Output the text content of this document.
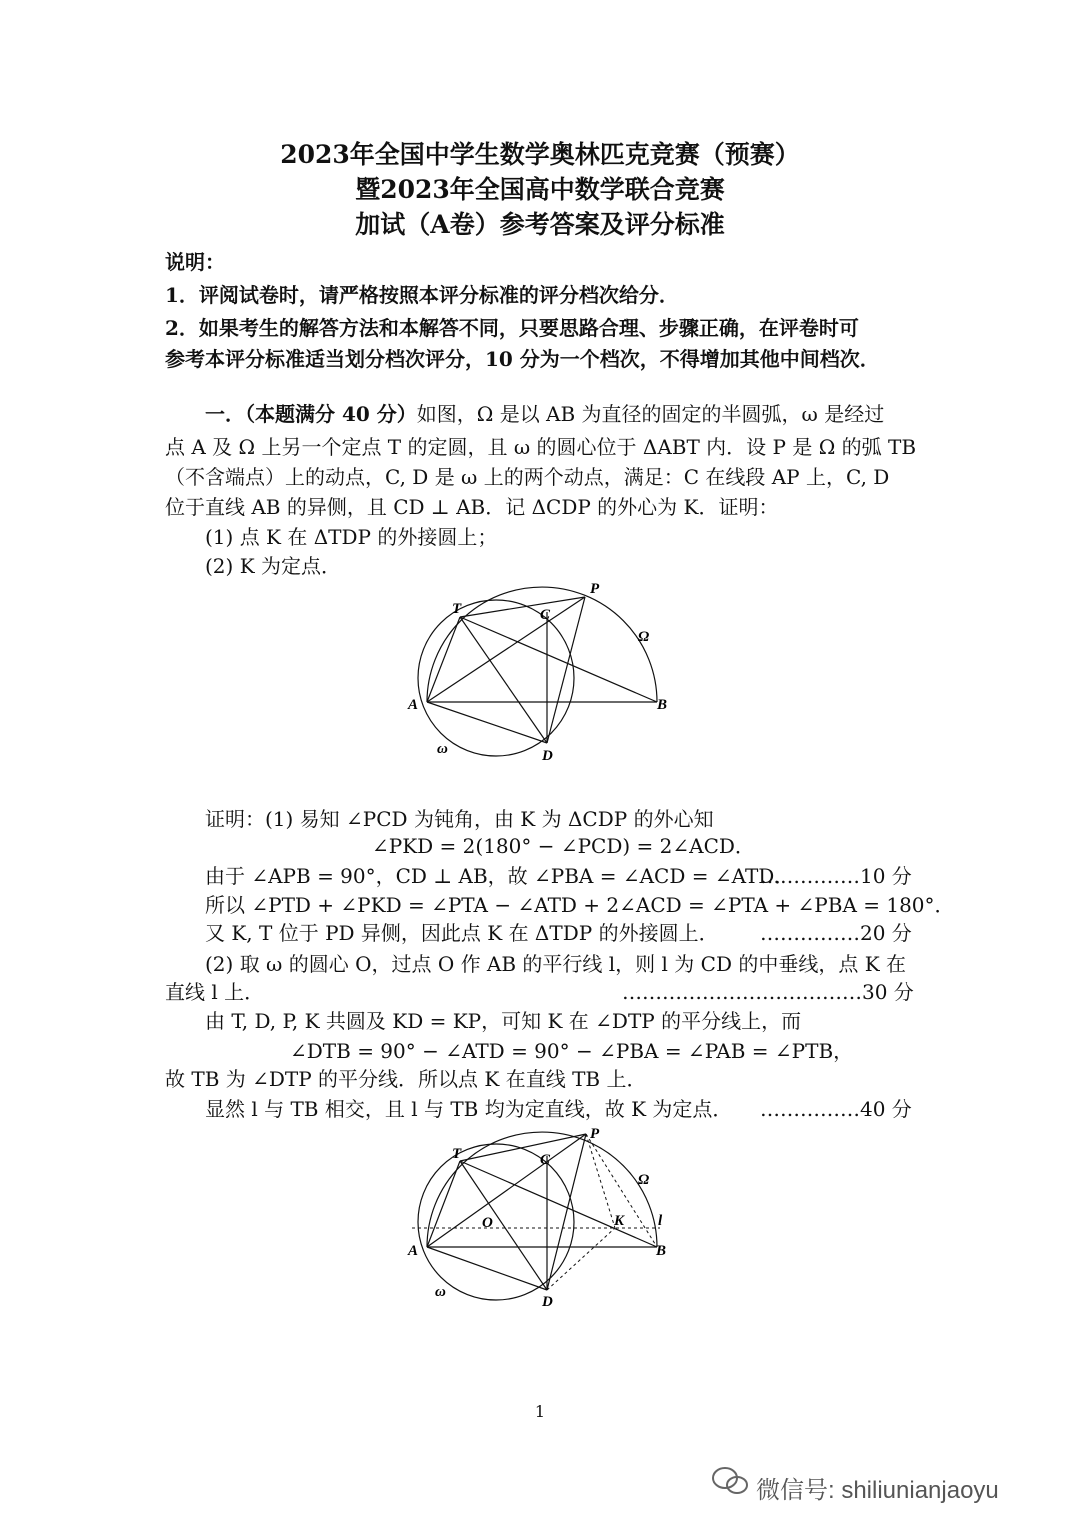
2023年全国中学生数学奥林匹克竞赛（预赛）
暨2023年全国高中数学联合竞赛
加试（A卷）参考答案及评分标准
说明：
1．评阅试卷时，请严格按照本评分标准的评分档次给分．
2．如果考生的解答方法和本解答不同，只要思路合理、步骤正确，在评卷时可
参考本评分标准适当划分档次评分，10 分为一个档次，不得增加其他中间档次．
一．（本题满分 40 分）如图，Ω 是以 AB 为直径的固定的半圆弧，ω 是经过
点 A 及 Ω 上另一个定点 T 的定圆，且 ω 的圆心位于 ΔABT 内．设 P 是 Ω 的弧 TB
（不含端点）上的动点，C, D 是 ω 上的两个动点，满足：C 在线段 AP 上，C, D
位于直线 AB 的异侧，且 CD ⊥ AB．记 ΔCDP 的外心为 K．证明：
(1) 点 K 在 ΔTDP 的外接圆上；
(2) K 为定点．
T	C
P
Ω
A	B
ω	D
证明：(1) 易知 ∠PCD 为钝角，由 K 为 ΔCDP 的外心知
∠PKD = 2(180° − ∠PCD) = 2∠ACD．
由于 ∠APB = 90°，CD ⊥ AB，故 ∠PBA = ∠ACD = ∠ATD．
……………10 分
所以 ∠PTD + ∠PKD = ∠PTA − ∠ATD + 2∠ACD = ∠PTA + ∠PBA = 180°．
又 K, T 位于 PD 异侧，因此点 K 在 ΔTDP 的外接圆上． ……………20 分
(2) 取 ω 的圆心 O，过点 O 作 AB 的平行线 l，则 l 为 CD 的中垂线，点 K 在
直线 l 上．	………………………………30 分
由 T, D, P, K 共圆及 KD = KP，可知 K 在 ∠DTP 的平分线上，而
∠DTB = 90° − ∠ATD = 90° − ∠PBA = ∠PAB = ∠PTB，
故 TB 为 ∠DTP 的平分线．所以点 K 在直线 TB 上．
显然 l 与 TB 相交，且 l 与 TB 均为定直线，故 K 为定点． ……………40 分
T	C
P
Ω
O	K l
A	B
ω
D
1
微信号: shiliunianjaoyu
